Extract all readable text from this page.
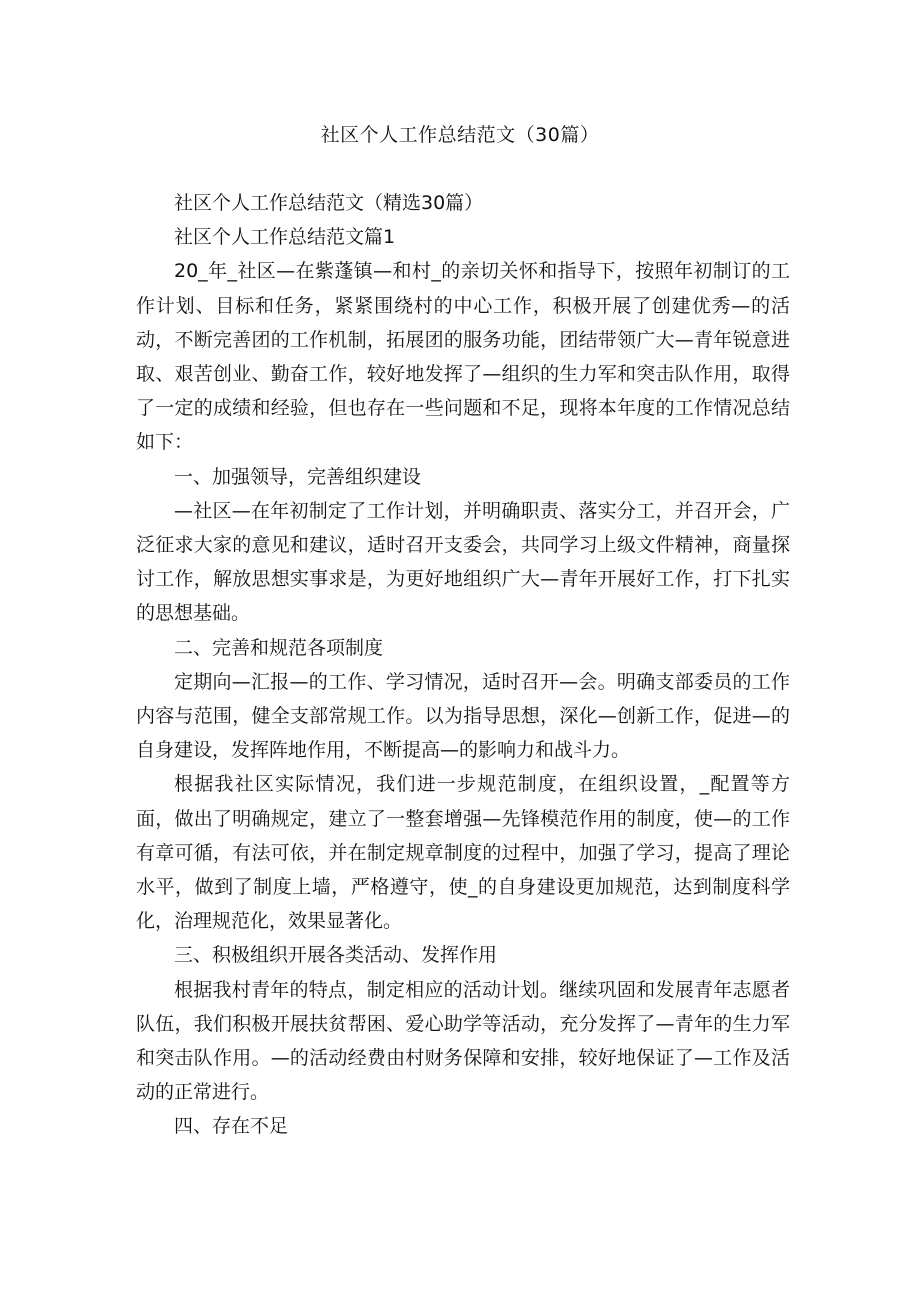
社区个人工作总结范文（30篇）

社区个人工作总结范文（精选30篇）

社区个人工作总结范文篇1

20_年_社区—在紫蓬镇—和村_的亲切关怀和指导下，按照年初制订的工作计划、目标和任务，紧紧围绕村的中心工作，积极开展了创建优秀—的活动，不断完善团的工作机制，拓展团的服务功能，团结带领广大—青年锐意进取、艰苦创业、勤奋工作，较好地发挥了—组织的生力军和突击队作用，取得了一定的成绩和经验，但也存在一些问题和不足，现将本年度的工作情况总结如下：

一、加强领导，完善组织建设

—社区—在年初制定了工作计划，并明确职责、落实分工，并召开会，广泛征求大家的意见和建议，适时召开支委会，共同学习上级文件精神，商量探讨工作，解放思想实事求是，为更好地组织广大—青年开展好工作，打下扎实的思想基础。

二、完善和规范各项制度

定期向—汇报—的工作、学习情况，适时召开—会。明确支部委员的工作内容与范围，健全支部常规工作。以为指导思想，深化—创新工作，促进—的自身建设，发挥阵地作用，不断提高—的影响力和战斗力。

根据我社区实际情况，我们进一步规范制度，在组织设置，_配置等方面，做出了明确规定，建立了一整套增强—先锋模范作用的制度，使—的工作有章可循，有法可依，并在制定规章制度的过程中，加强了学习，提高了理论水平，做到了制度上墙，严格遵守，使_的自身建设更加规范，达到制度科学化，治理规范化，效果显著化。

三、积极组织开展各类活动、发挥作用

根据我村青年的特点，制定相应的活动计划。继续巩固和发展青年志愿者队伍，我们积极开展扶贫帮困、爱心助学等活动，充分发挥了—青年的生力军和突击队作用。—的活动经费由村财务保障和安排，较好地保证了—工作及活动的正常进行。

四、存在不足
